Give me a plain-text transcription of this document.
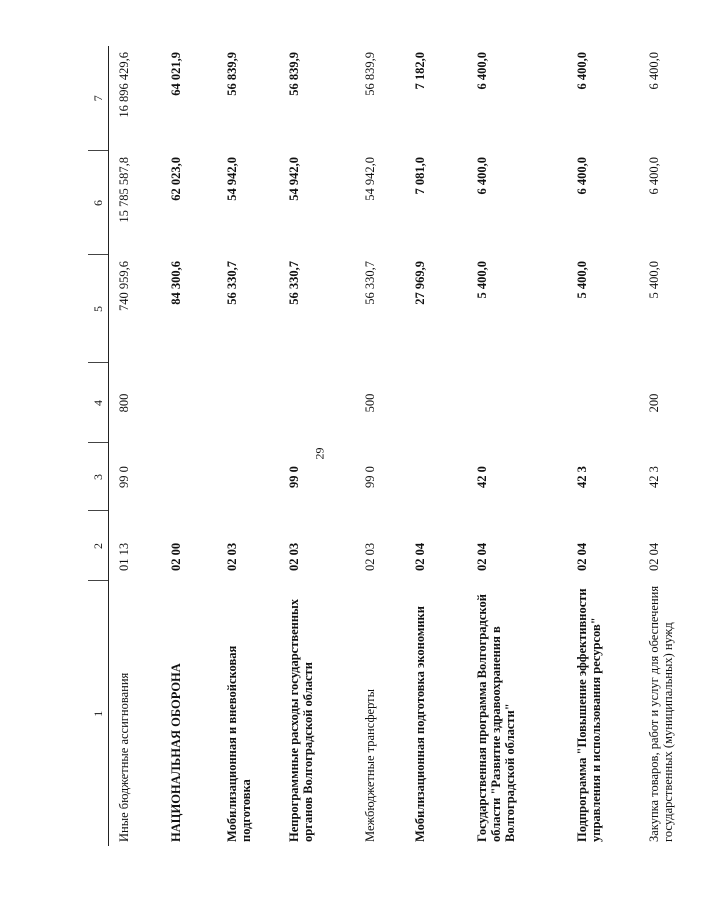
29
1	2	3	4	5	6	7
Иные бюджетные ассигнования	01 13	99 0	800	740 959,6	15 785 587,8	16 896 429,6
НАЦИОНАЛЬНАЯ ОБОРОНА	02 00			84 300,6	62 023,0	64 021,9
Мобилизационная и вневойсковая подготовка	02 03			56 330,7	54 942,0	56 839,9
Непрограммные расходы государственных органов Волгоградской области	02 03	99 0		56 330,7	54 942,0	56 839,9
Межбюджетные трансферты	02 03	99 0	500	56 330,7	54 942,0	56 839,9
Мобилизационная подготовка экономики	02 04			27 969,9	7 081,0	7 182,0
Государственная программа Волгоградской области "Развитие здравоохранения в Волгоградской области"	02 04	42 0		5 400,0	6 400,0	6 400,0
Подпрограмма "Повышение эффективности управления и использования ресурсов"	02 04	42 3		5 400,0	6 400,0	6 400,0
Закупка товаров, работ и услуг для обеспечения государственных (муниципальных) нужд	02 04	42 3	200	5 400,0	6 400,0	6 400,0
